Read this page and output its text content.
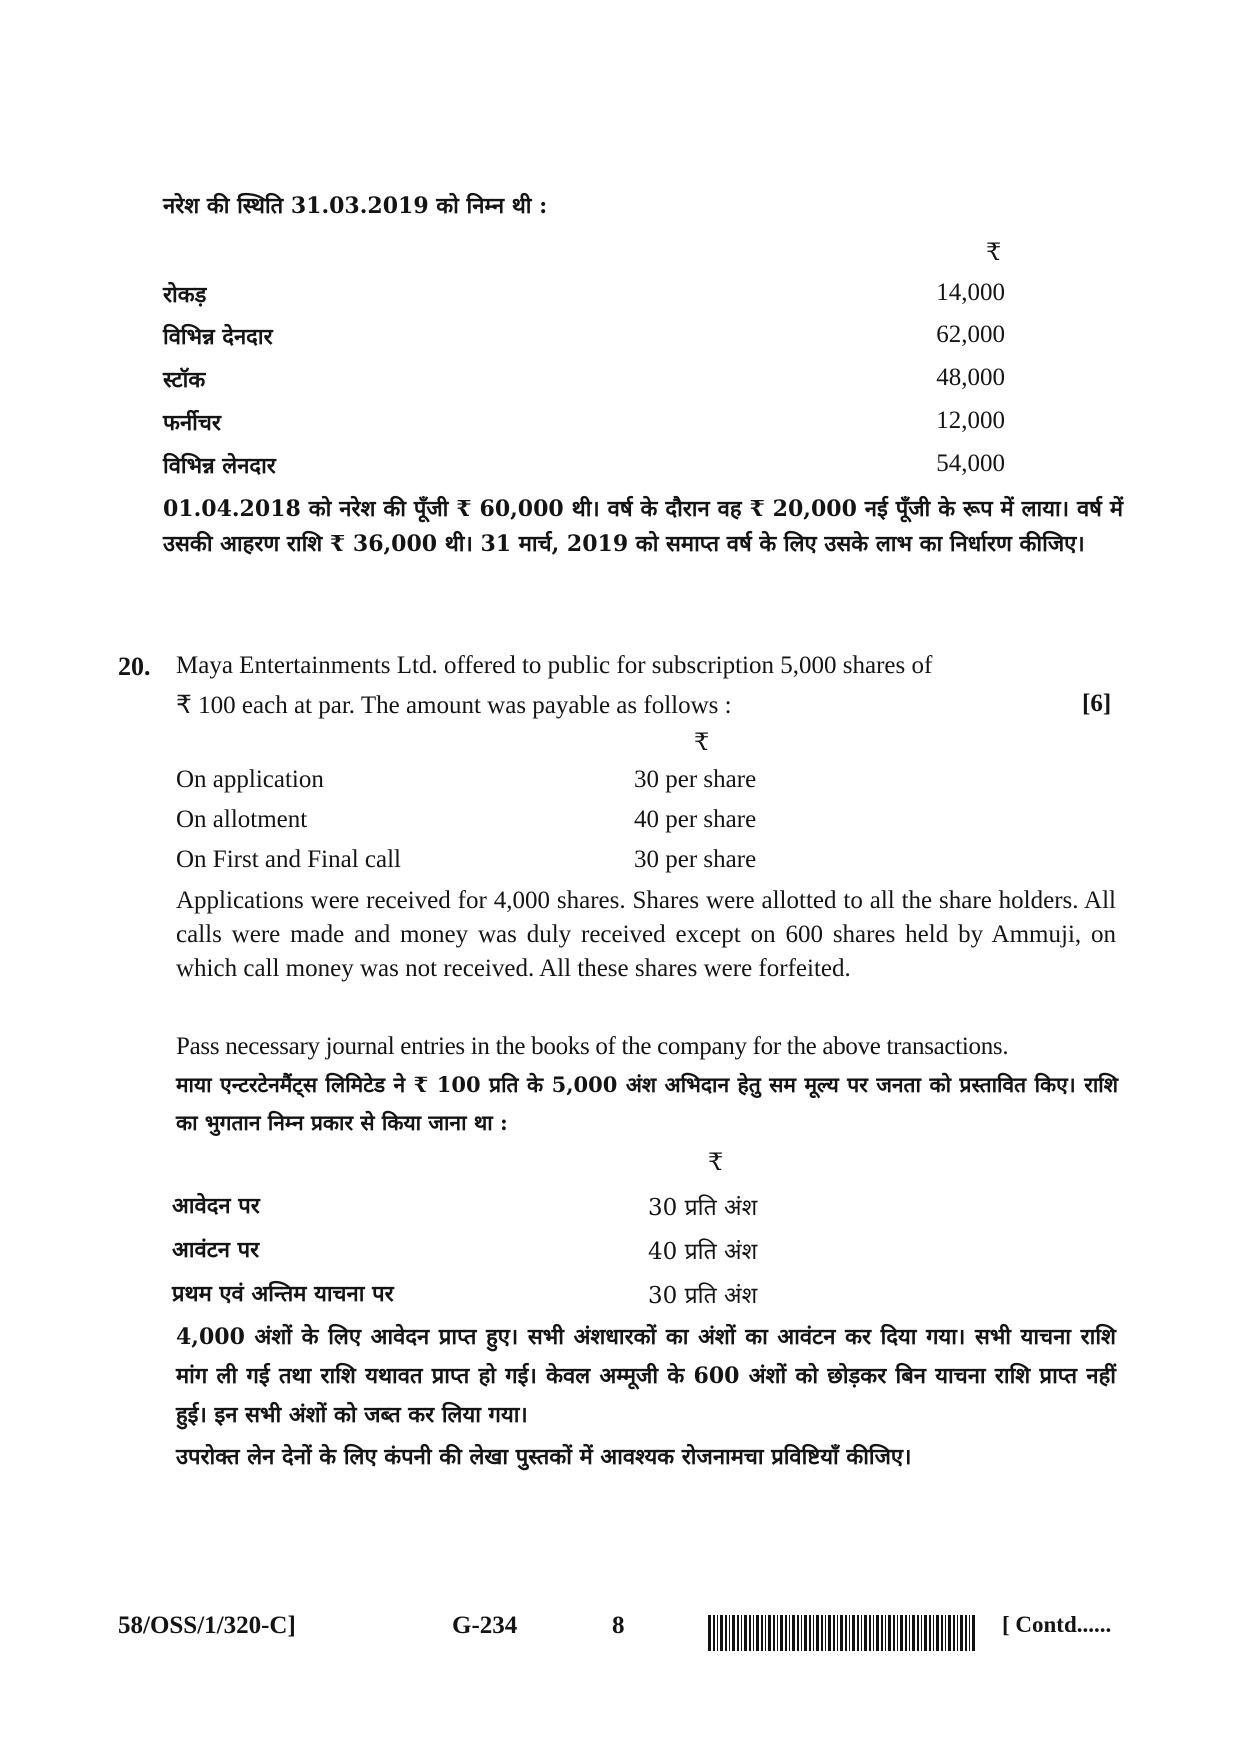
नरेश की स्थिति 31.03.2019 को निम्न थी :
₹
रोकड़	14,000
विभिन्न देनदार	62,000
स्टॉक	48,000
फर्नीचर	12,000
विभिन्न लेनदार	54,000
01.04.2018 को नरेश की पूँजी ₹ 60,000 थी। वर्ष के दौरान वह ₹ 20,000 नई पूँजी के रूप में लाया। वर्ष में उसकी आहरण राशि ₹ 36,000 थी। 31 मार्च, 2019 को समाप्त वर्ष के लिए उसके लाभ का निर्धारण कीजिए।
20. Maya Entertainments Ltd. offered to public for subscription 5,000 shares of
₹ 100 each at par. The amount was payable as follows :	[6]
₹
On application	30 per share
On allotment	40 per share
On First and Final call	30 per share
Applications were received for 4,000 shares. Shares were allotted to all the share holders. All calls were made and money was duly received except on 600 shares held by Ammuji, on which call money was not received. All these shares were forfeited.
Pass necessary journal entries in the books of the company for the above transactions.
माया एन्टरटेनमैंट्स लिमिटेड ने ₹ 100 प्रति के 5,000 अंश अभिदान हेतु सम मूल्य पर जनता को प्रस्तावित किए। राशि का भुगतान निम्न प्रकार से किया जाना था :
₹
आवेदन पर	30 प्रति अंश
आवंटन पर	40 प्रति अंश
प्रथम एवं अन्तिम याचना पर	30 प्रति अंश
4,000 अंशों के लिए आवेदन प्राप्त हुए। सभी अंशधारकों का अंशों का आवंटन कर दिया गया। सभी याचना राशि मांग ली गई तथा राशि यथावत प्राप्त हो गई। केवल अम्मूजी के 600 अंशों को छोड़कर बिन याचना राशि प्राप्त नहीं हुई। इन सभी अंशों को जब्त कर लिया गया।
उपरोक्त लेन देनों के लिए कंपनी की लेखा पुस्तकों में आवश्यक रोजनामचा प्रविष्टियाँ कीजिए।
58/OSS/1/320-C]	G-234	8	[ Contd......
